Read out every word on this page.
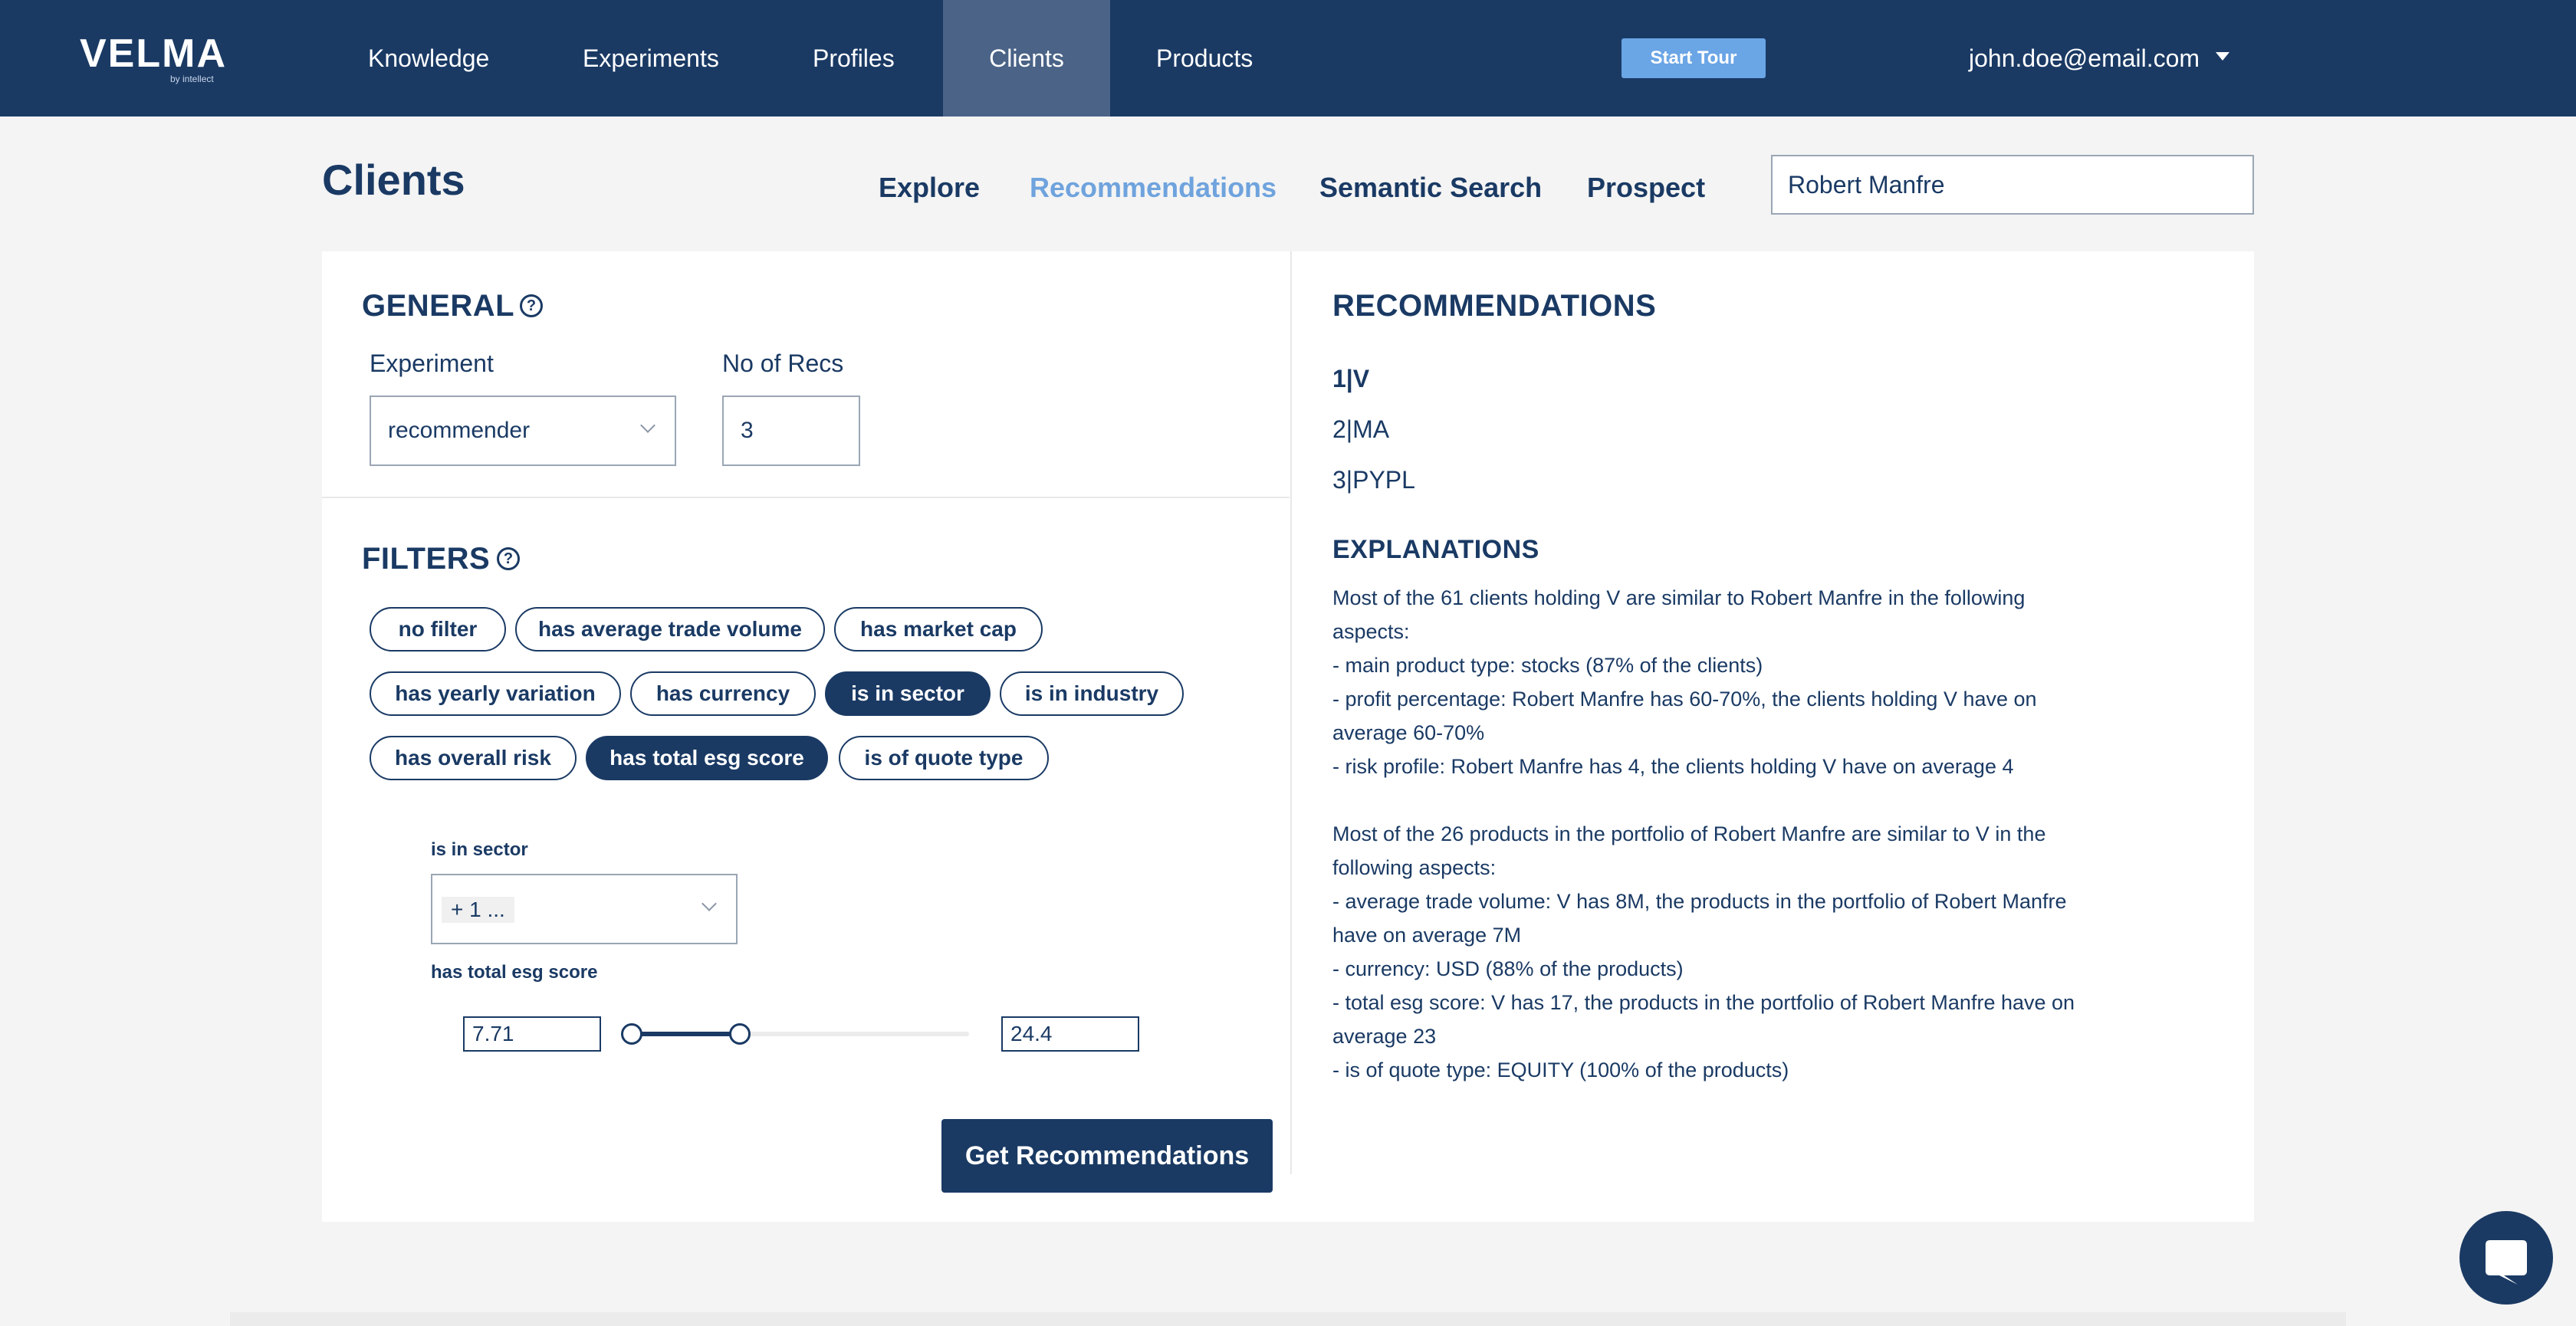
VELMA
by intellect
Knowledge	Experiments	Profiles	Clients	Products	Start Tour	john.doe@email.com
Clients	Explore Recommendations Semantic Search Prospect
Robert Manfre
GENERAL ?
Experiment
recommender
No of Recs
3
FILTERS ?
no filter	has average trade volume	has market cap
has yearly variation	has currency	is in sector	is in industry
has overall risk	has total esg score	is of quote type
is in sector
+ 1 ...
has total esg score
7.71
24.4
Get Recommendations
RECOMMENDATIONS
1|V
2|MA
3|PYPL
EXPLANATIONS
Most of the 61 clients holding V are similar to Robert Manfre in the following
aspects:
- main product type: stocks (87% of the clients)
- profit percentage: Robert Manfre has 60-70%, the clients holding V have on
average 60-70%
- risk profile: Robert Manfre has 4, the clients holding V have on average 4
Most of the 26 products in the portfolio of Robert Manfre are similar to V in the
following aspects:
- average trade volume: V has 8M, the products in the portfolio of Robert Manfre
have on average 7M
- currency: USD (88% of the products)
- total esg score: V has 17, the products in the portfolio of Robert Manfre have on
average 23
- is of quote type: EQUITY (100% of the products)
